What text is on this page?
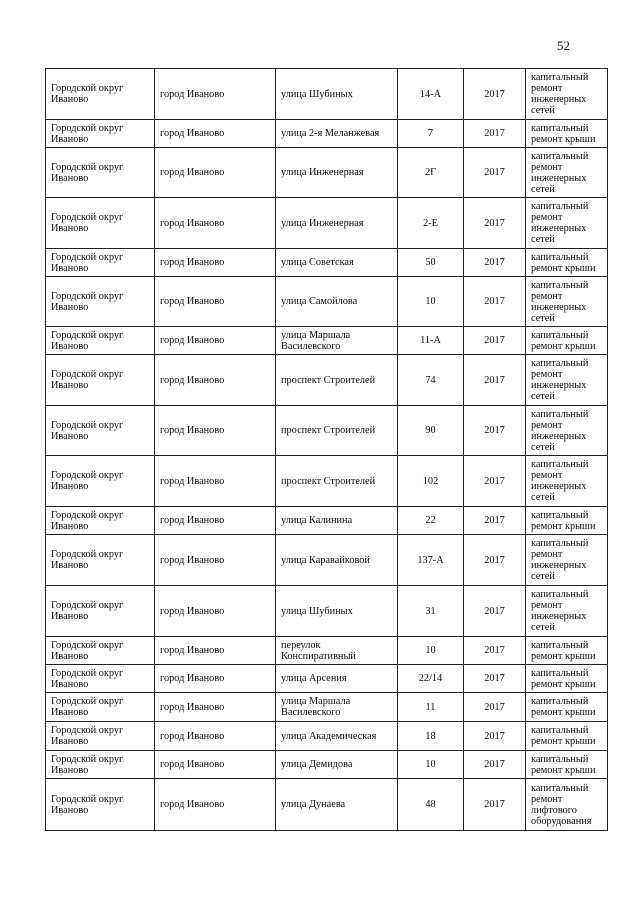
52
Городской округ Иваново	город Иваново	улица Шубиных	14-А	2017	капитальный ремонт инженерных сетей
Городской округ Иваново	город Иваново	улица 2-я Меланжевая	7	2017	капитальный ремонт крыши
Городской округ Иваново	город Иваново	улица Инженерная	2Г	2017	капитальный ремонт инженерных сетей
Городской округ Иваново	город Иваново	улица Инженерная	2-Е	2017	капитальный ремонт инженерных сетей
Городской округ Иваново	город Иваново	улица Советская	50	2017	капитальный ремонт крыши
Городской округ Иваново	город Иваново	улица Самойлова	10	2017	капитальный ремонт инженерных сетей
Городской округ Иваново	город Иваново	улица Маршала Василевского	11-А	2017	капитальный ремонт крыши
Городской округ Иваново	город Иваново	проспект Строителей	74	2017	капитальный ремонт инженерных сетей
Городской округ Иваново	город Иваново	проспект Строителей	90	2017	капитальный ремонт инженерных сетей
Городской округ Иваново	город Иваново	проспект Строителей	102	2017	капитальный ремонт инженерных сетей
Городской округ Иваново	город Иваново	улица Калинина	22	2017	капитальный ремонт крыши
Городской округ Иваново	город Иваново	улица Каравайковой	137-А	2017	капитальный ремонт инженерных сетей
Городской округ Иваново	город Иваново	улица Шубиных	31	2017	капитальный ремонт инженерных сетей
Городской округ Иваново	город Иваново	переулок Конспиративный	10	2017	капитальный ремонт крыши
Городской округ Иваново	город Иваново	улица Арсения	22/14	2017	капитальный ремонт крыши
Городской округ Иваново	город Иваново	улица Маршала Василевского	11	2017	капитальный ремонт крыши
Городской округ Иваново	город Иваново	улица Академическая	18	2017	капитальный ремонт крыши
Городской округ Иваново	город Иваново	улица Демидова	10	2017	капитальный ремонт крыши
Городской округ Иваново	город Иваново	улица Дунаева	48	2017	капитальный ремонт лифтового оборудования
